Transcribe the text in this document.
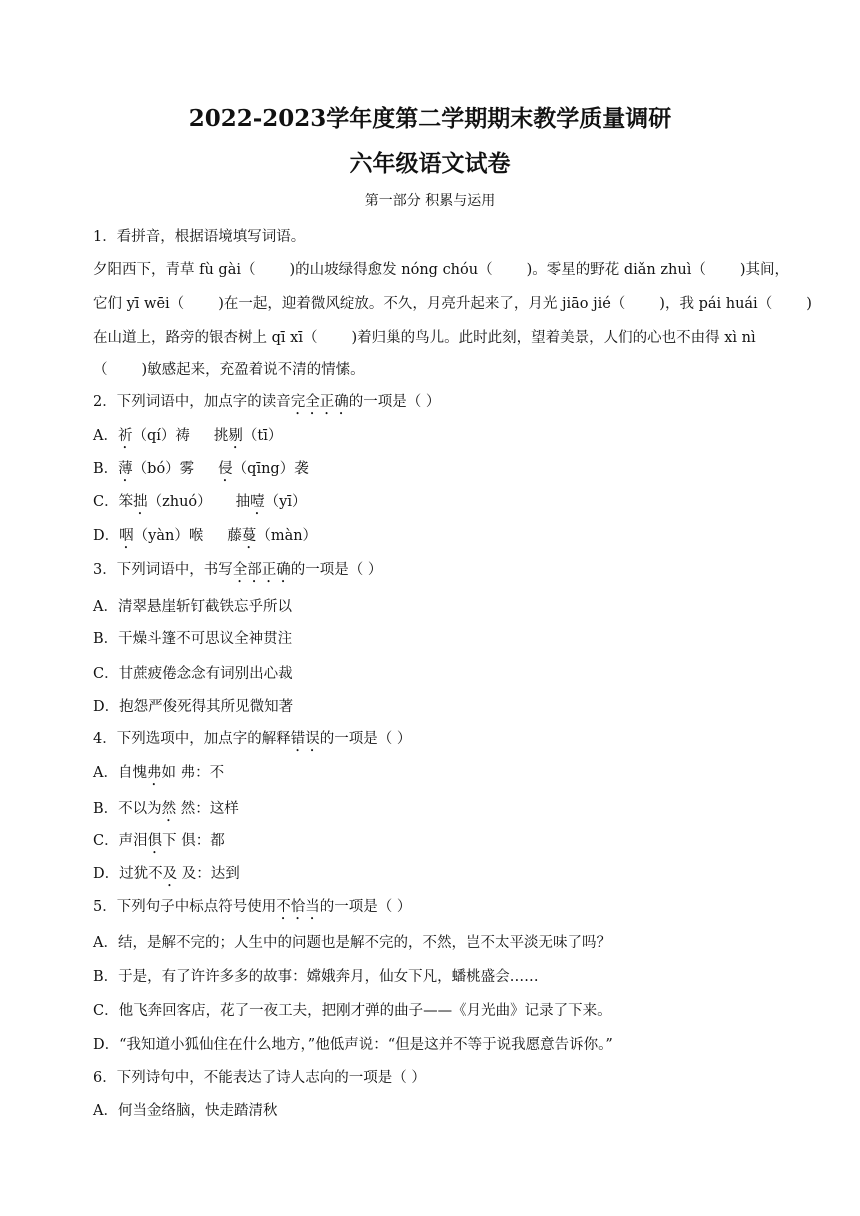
2022-2023学年度第二学期期末教学质量调研
六年级语文试卷
第一部分 积累与运用
1．看拼音，根据语境填写词语。
夕阳西下，青草 fù gài（ )的山坡绿得愈发 nóng chóu（ )。零星的野花 diǎn zhuì（ )其间，
它们 yī wēi（ )在一起，迎着微风绽放。不久，月亮升起来了，月光 jiāo jié（ )，我 pái huái（ )
在山道上，路旁的银杏树上 qī xī（ )着归巢的鸟儿。此时此刻，望着美景，人们的心也不由得 xì nì
（ )敏感起来，充盈着说不清的情愫。
2．下列词语中，加点字的读音完全正确的一项是（ ）
A．祈（qí）祷 挑剔（tī）
B．薄（bó）雾 侵（qīng）袭
C．笨拙（zhuó） 抽噎（yī）
D．咽（yàn）喉 藤蔓（màn）
3．下列词语中，书写全部正确的一项是（ ）
A．清翠悬崖斩钉截铁忘乎所以
B．干燥斗篷不可思议全神贯注
C．甘蔗疲倦念念有词别出心裁
D．抱怨严俊死得其所见微知著
4．下列选项中，加点字的解释错误的一项是（ ）
A．自愧弗如 弗：不
B．不以为然 然：这样
C．声泪俱下 俱：都
D．过犹不及 及：达到
5．下列句子中标点符号使用不恰当的一项是（ ）
A．结，是解不完的；人生中的问题也是解不完的，不然，岂不太平淡无味了吗？
B．于是，有了许许多多的故事：嫦娥奔月，仙女下凡，蟠桃盛会……
C．他飞奔回客店，花了一夜工夫，把刚才弹的曲子——《月光曲》记录了下来。
D．“我知道小狐仙住在什么地方，”他低声说：“但是这并不等于说我愿意告诉你。”
6．下列诗句中，不能表达了诗人志向的一项是（ ）
A．何当金络脑，快走踏清秋
